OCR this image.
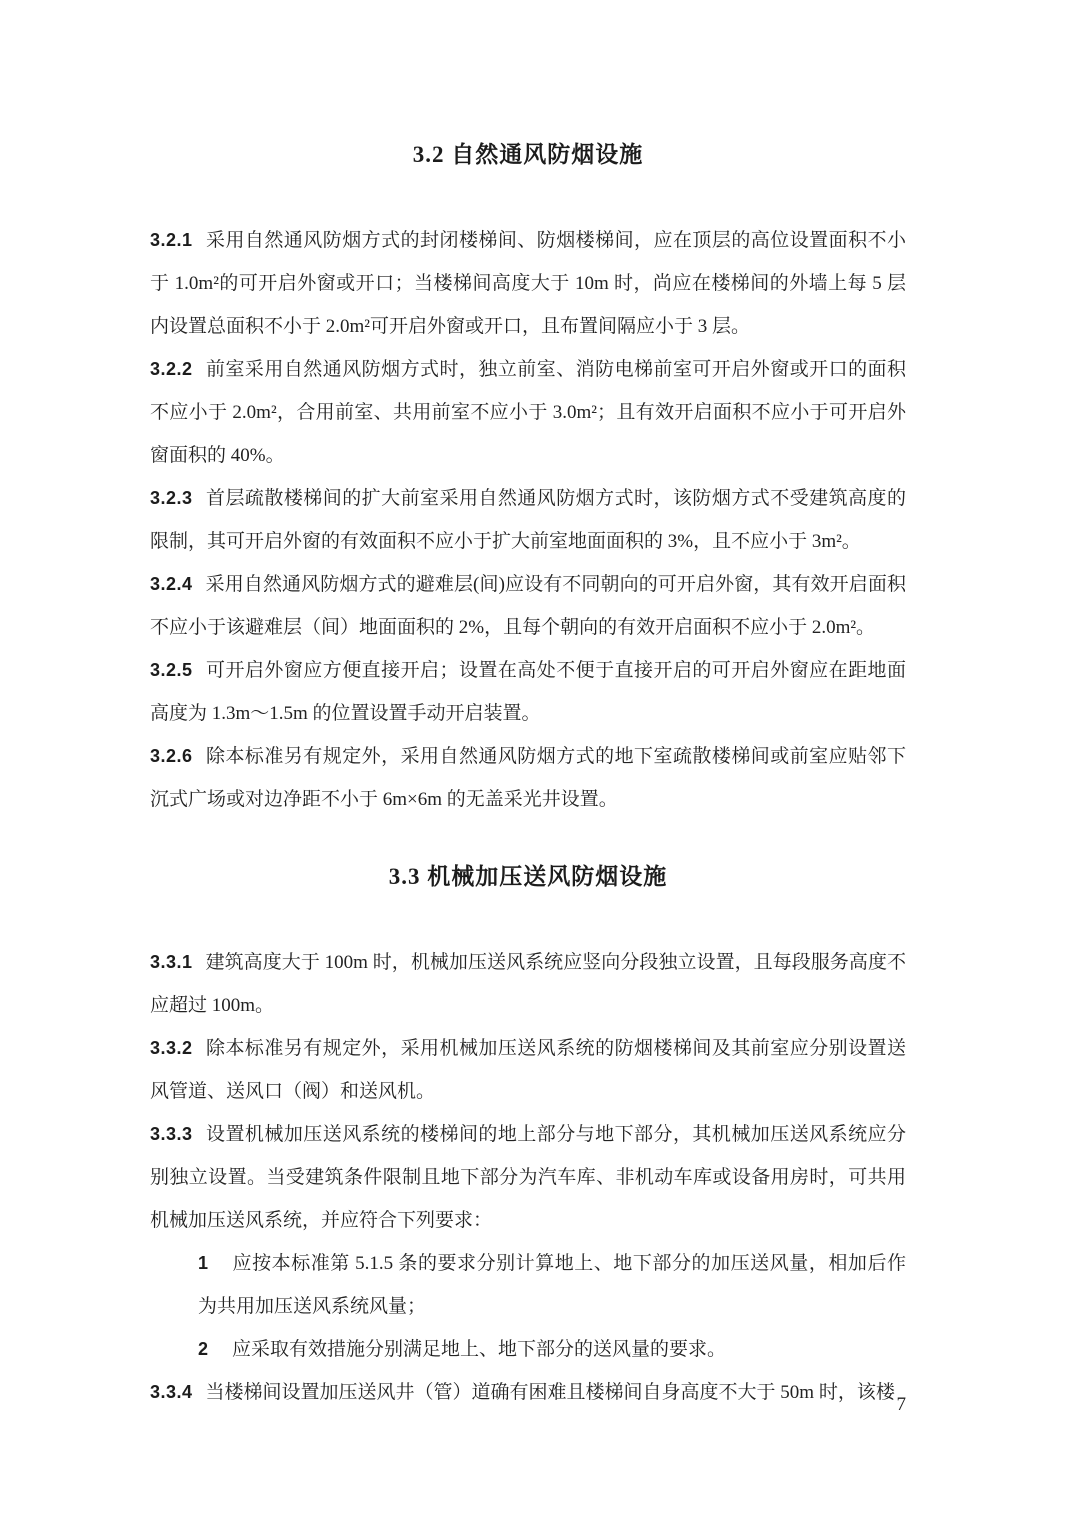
3.2 自然通风防烟设施

3.2.1 采用自然通风防烟方式的封闭楼梯间、防烟楼梯间，应在顶层的高位设置面积不小于 1.0m²的可开启外窗或开口；当楼梯间高度大于 10m 时，尚应在楼梯间的外墙上每 5 层内设置总面积不小于 2.0m²可开启外窗或开口，且布置间隔应小于 3 层。

3.2.2 前室采用自然通风防烟方式时，独立前室、消防电梯前室可开启外窗或开口的面积不应小于 2.0m²，合用前室、共用前室不应小于 3.0m²；且有效开启面积不应小于可开启外窗面积的 40%。

3.2.3 首层疏散楼梯间的扩大前室采用自然通风防烟方式时，该防烟方式不受建筑高度的限制，其可开启外窗的有效面积不应小于扩大前室地面面积的 3%，且不应小于 3m²。

3.2.4 采用自然通风防烟方式的避难层(间)应设有不同朝向的可开启外窗，其有效开启面积不应小于该避难层（间）地面面积的 2%，且每个朝向的有效开启面积不应小于 2.0m²。

3.2.5 可开启外窗应方便直接开启；设置在高处不便于直接开启的可开启外窗应在距地面高度为 1.3m～1.5m 的位置设置手动开启装置。

3.2.6 除本标准另有规定外，采用自然通风防烟方式的地下室疏散楼梯间或前室应贴邻下沉式广场或对边净距不小于 6m×6m 的无盖采光井设置。

3.3 机械加压送风防烟设施

3.3.1 建筑高度大于 100m 时，机械加压送风系统应竖向分段独立设置，且每段服务高度不应超过 100m。

3.3.2 除本标准另有规定外，采用机械加压送风系统的防烟楼梯间及其前室应分别设置送风管道、送风口（阀）和送风机。

3.3.3 设置机械加压送风系统的楼梯间的地上部分与地下部分，其机械加压送风系统应分别独立设置。当受建筑条件限制且地下部分为汽车库、非机动车库或设备用房时，可共用机械加压送风系统，并应符合下列要求：

1 应按本标准第 5.1.5 条的要求分别计算地上、地下部分的加压送风量，相加后作为共用加压送风系统风量；

2 应采取有效措施分别满足地上、地下部分的送风量的要求。

3.3.4 当楼梯间设置加压送风井（管）道确有困难且楼梯间自身高度不大于 50m 时，该楼

7
